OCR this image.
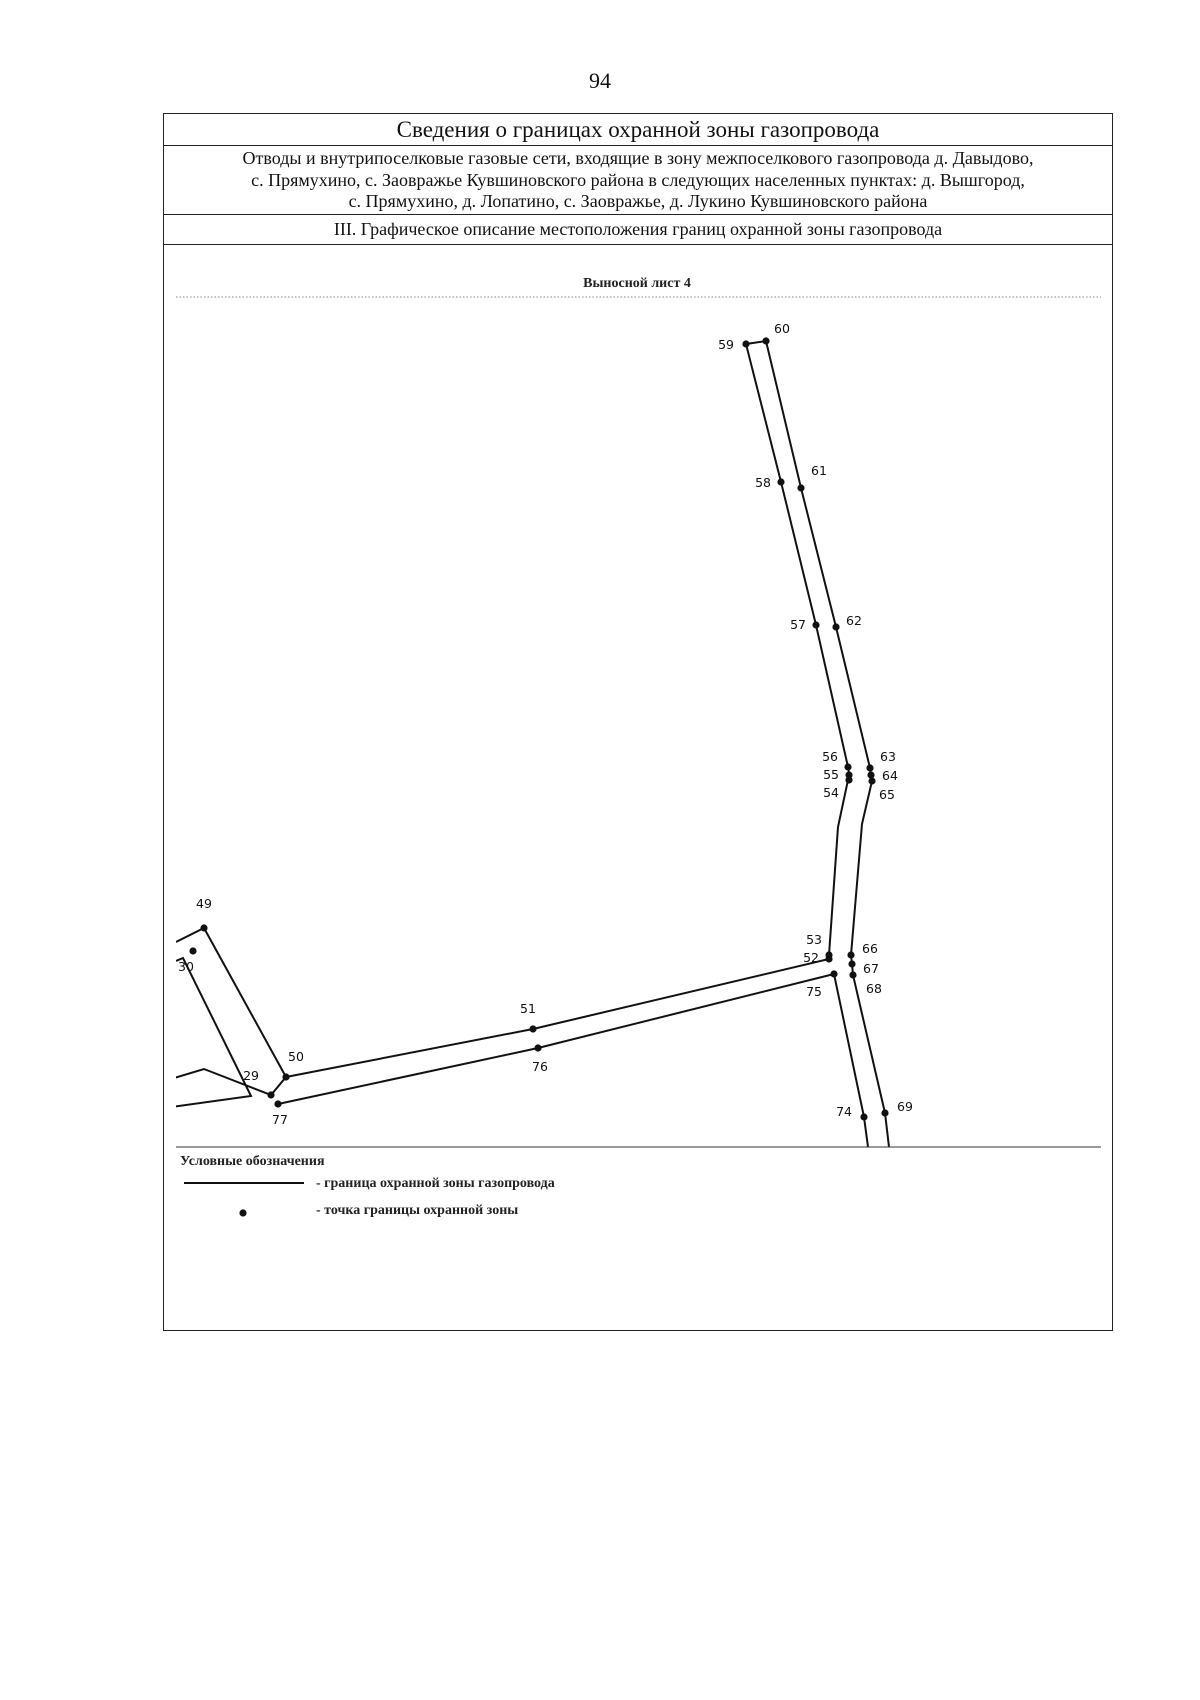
94
Сведения о границах охранной зоны газопровода
Отводы и внутрипоселковые газовые сети, входящие в зону межпоселкового газопровода д. Давыдово,
с. Прямухино, с. Заовражье Кувшиновского района в следующих населенных пунктах: д. Вышгород,
с. Прямухино, д. Лопатино, с. Заовражье, д. Лукино Кувшиновского района
III. Графическое описание местоположения границ охранной зоны газопровода
Выносной лист 4
49
30
29
50
51
52
53
54
55
56
57
58
59
60
61
62
63
64
65
66
67
68
69
74
75
76
77
Условные обозначения
- граница охранной зоны газопровода
- точка границы охранной зоны
